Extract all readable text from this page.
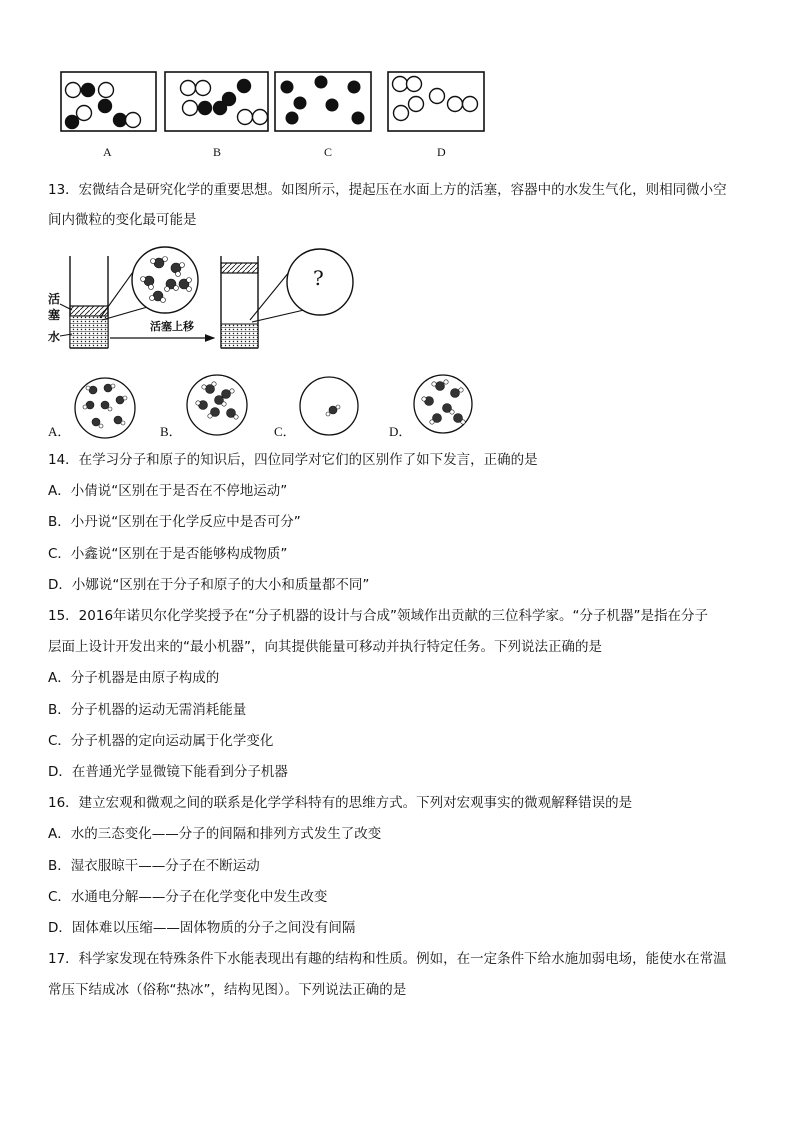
A	B	C	D
13．宏微结合是研究化学的重要思想。如图所示，提起压在水面上方的活塞，容器中的水发生气化，则相同微小空
间内微粒的变化最可能是
活
塞
水
活塞上移
?
A．	B．	C．	D．
14．在学习分子和原子的知识后，四位同学对它们的区别作了如下发言，正确的是
A．小倩说“区别在于是否在不停地运动”
B．小丹说“区别在于化学反应中是否可分”
C．小鑫说“区别在于是否能够构成物质”
D．小娜说“区别在于分子和原子的大小和质量都不同”
15．2016年诺贝尔化学奖授予在“分子机器的设计与合成”领域作出贡献的三位科学家。“分子机器”是指在分子
层面上设计开发出来的“最小机器”，向其提供能量可移动并执行特定任务。下列说法正确的是
A．分子机器是由原子构成的
B．分子机器的运动无需消耗能量
C．分子机器的定向运动属于化学变化
D．在普通光学显微镜下能看到分子机器
16．建立宏观和微观之间的联系是化学学科特有的思维方式。下列对宏观事实的微观解释错误的是
A．水的三态变化——分子的间隔和排列方式发生了改变
B．湿衣服晾干——分子在不断运动
C．水通电分解——分子在化学变化中发生改变
D．固体难以压缩——固体物质的分子之间没有间隔
17．科学家发现在特殊条件下水能表现出有趣的结构和性质。例如，在一定条件下给水施加弱电场，能使水在常温
常压下结成冰（俗称“热冰”，结构见图）。下列说法正确的是
